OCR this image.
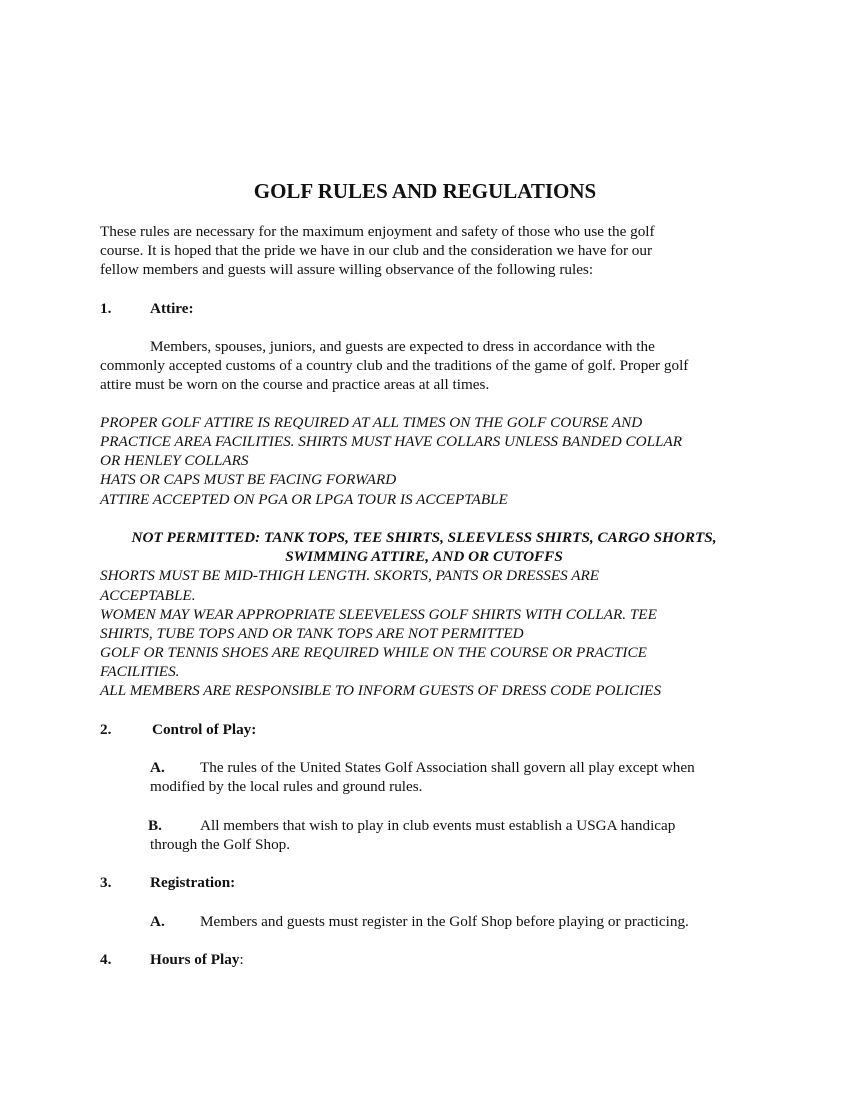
GOLF RULES AND REGULATIONS
These rules are necessary for the maximum enjoyment and safety of those who use the golf
course. It is hoped that the pride we have in our club and the consideration we have for our
fellow members and guests will assure willing observance of the following rules:
1.	Attire:
Members, spouses, juniors, and guests are expected to dress in accordance with the
commonly accepted customs of a country club and the traditions of the game of golf. Proper golf
attire must be worn on the course and practice areas at all times.
PROPER GOLF ATTIRE IS REQUIRED AT ALL TIMES ON THE GOLF COURSE AND
PRACTICE AREA FACILITIES. SHIRTS MUST HAVE COLLARS UNLESS BANDED COLLAR
OR HENLEY COLLARS
HATS OR CAPS MUST BE FACING FORWARD
ATTIRE ACCEPTED ON PGA OR LPGA TOUR IS ACCEPTABLE
NOT PERMITTED: TANK TOPS, TEE SHIRTS, SLEEVLESS SHIRTS, CARGO SHORTS,
SWIMMING ATTIRE, AND OR CUTOFFS
SHORTS MUST BE MID-THIGH LENGTH. SKORTS, PANTS OR DRESSES ARE
ACCEPTABLE.
WOMEN MAY WEAR APPROPRIATE SLEEVELESS GOLF SHIRTS WITH COLLAR. TEE
SHIRTS, TUBE TOPS AND OR TANK TOPS ARE NOT PERMITTED
GOLF OR TENNIS SHOES ARE REQUIRED WHILE ON THE COURSE OR PRACTICE
FACILITIES.
ALL MEMBERS ARE RESPONSIBLE TO INFORM GUESTS OF DRESS CODE POLICIES
2.	Control of Play:
A. The rules of the United States Golf Association shall govern all play except when
modified by the local rules and ground rules.
B.	All members that wish to play in club events must establish a USGA handicap
through the Golf Shop.
3.	Registration:
A. Members and guests must register in the Golf Shop before playing or practicing.
4.	Hours of Play:
